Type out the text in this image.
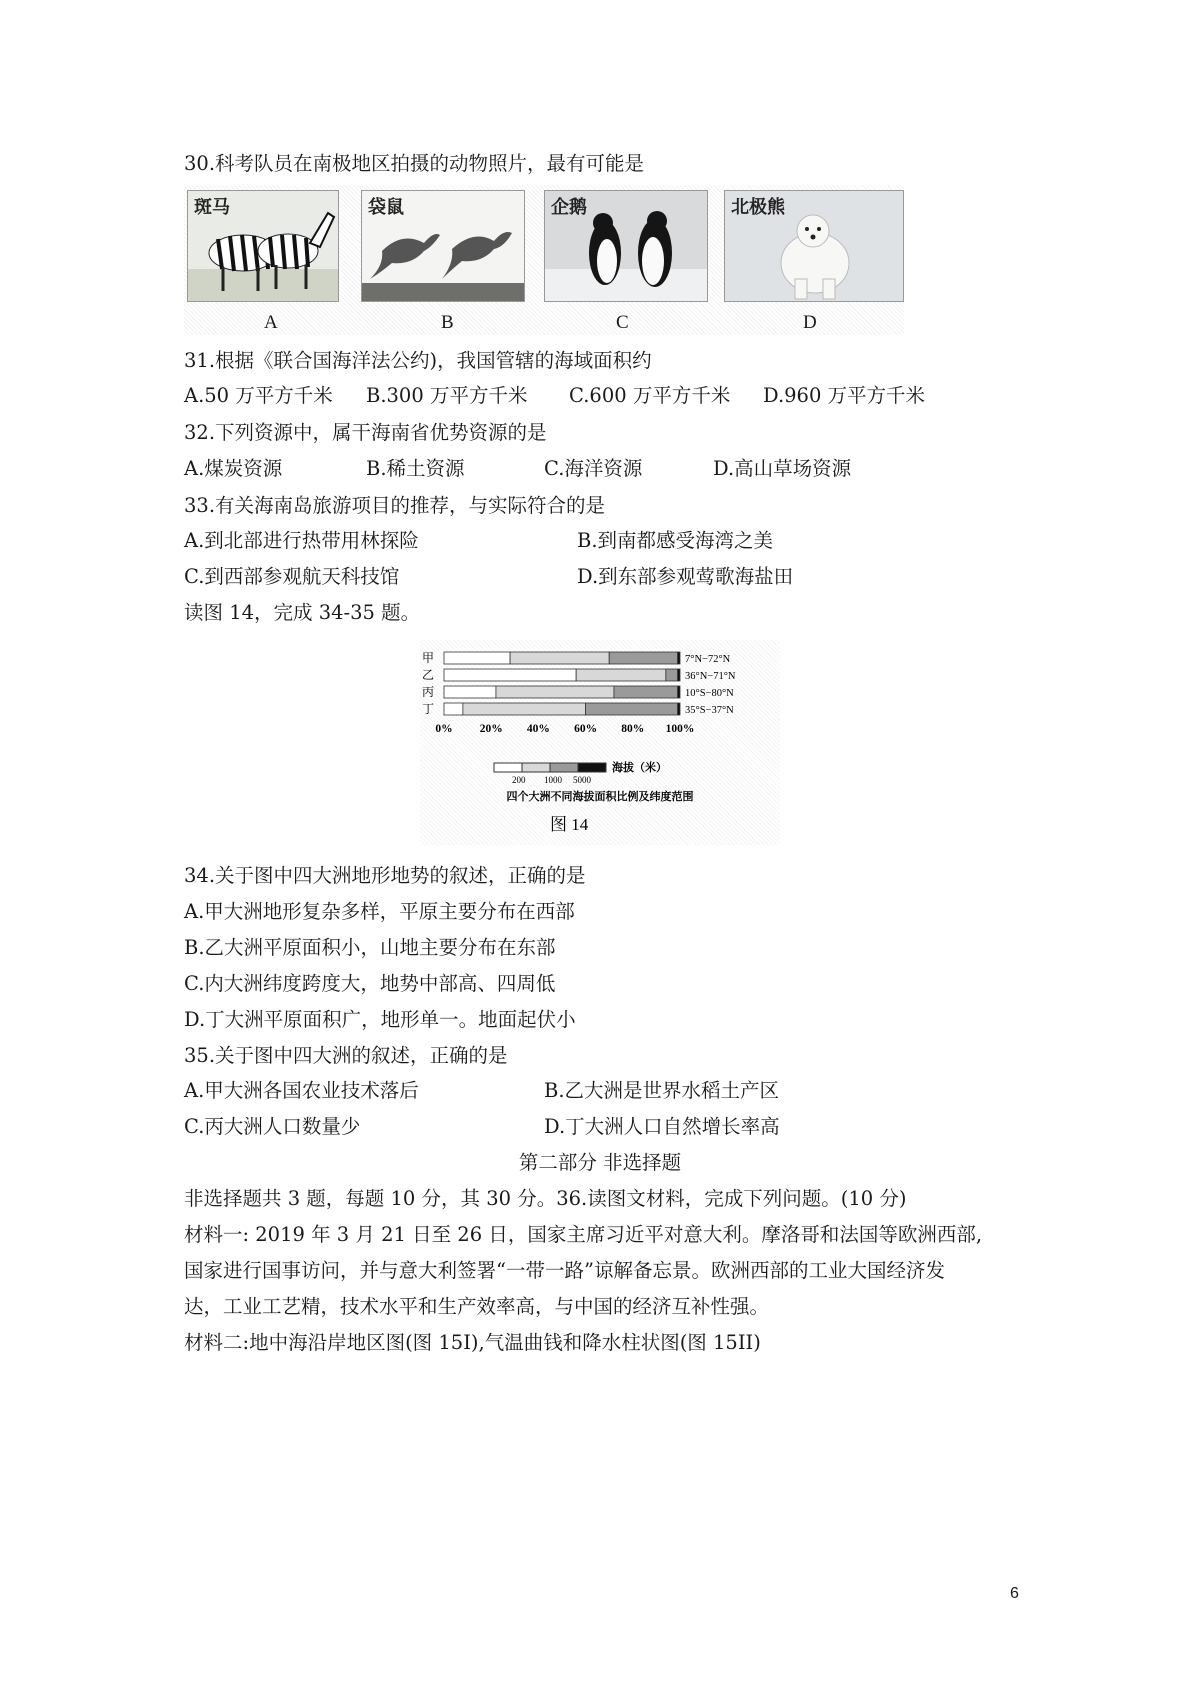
30.科考队员在南极地区拍摄的动物照片，最有可能是
斑马
A
袋鼠
B
企鹅
C
北极熊
D
31.根据《联合国海洋法公约)，我国管辖的海域面积约
A.50 万平方千米 B.300 万平方千米 C.600 万平方千米 D.960 万平方千米
32.下列资源中，属干海南省优势资源的是
A.煤炭资源	B.稀土资源	C.海洋资源	D.高山草场资源
33.有关海南岛旅游项目的推荐，与实际符合的是
A.到北部进行热带用林探险	B.到南都感受海湾之美
C.到西部参观航天科技馆	D.到东部参观莺歌海盐田
读图 14，完成 34-35 题。
甲	7°N−72°N
乙	36°N−71°N
丙	10°S−80°N
丁	35°S−37°N
0% 20% 40% 60% 80% 100%
海拔（米）
200 1000 5000
四个大洲不同海拔面积比例及纬度范围
图 14
34.关于图中四大洲地形地势的叙述，正确的是
A.甲大洲地形复杂多样，平原主要分布在西部
B.乙大洲平原面积小，山地主要分布在东部
C.内大洲纬度跨度大，地势中部高、四周低
D.丁大洲平原面积广，地形单一。地面起伏小
35.关于图中四大洲的叙述，正确的是
A.甲大洲各国农业技术落后	B.乙大洲是世界水稻土产区
C.丙大洲人口数量少	D.丁大洲人口自然增长率高
第二部分 非选择题
非选择题共 3 题，每题 10 分，其 30 分。36.读图文材料，完成下列问题。(10 分)
材料一: 2019 年 3 月 21 日至 26 日，国家主席习近平对意大利。摩洛哥和法国等欧洲西部,
国家进行国事访问，并与意大利签署“一带一路”谅解备忘景。欧洲西部的工业大国经济发
达，工业工艺精，技术水平和生产效率高，与中国的经济互补性强。
材料二:地中海沿岸地区图(图 15I),气温曲钱和降水柱状图(图 15II)
6
